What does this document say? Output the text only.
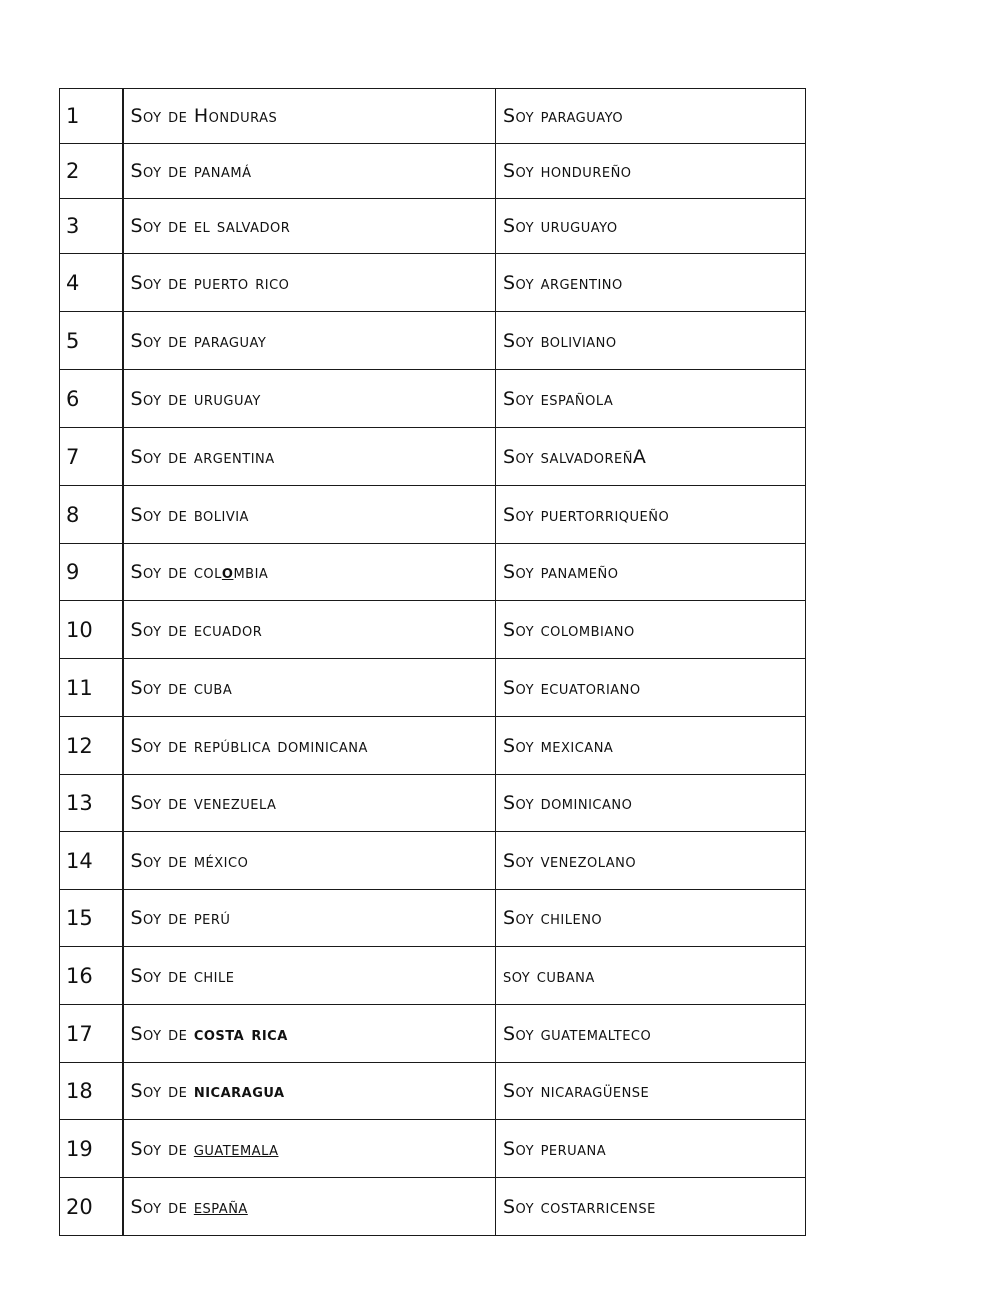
1	Soy de Honduras	Soy paraguayo
2	Soy de panamá	Soy hondureño
3	Soy de el salvador	Soy uruguayo
4	Soy de puerto rico	Soy argentino
5	Soy de paraguay	Soy boliviano
6	Soy de uruguay	Soy española
7	Soy de argentina	Soy salvadoreñA
8	Soy de bolivia	Soy puertorriqueño
9	Soy de colombia	Soy panameño
10	Soy de ecuador	Soy colombiano
11	Soy de cuba	Soy ecuatoriano
12	Soy de república dominicana	Soy mexicana
13	Soy de venezuela	Soy dominicano
14	Soy de méxico	Soy venezolano
15	Soy de perú	Soy chileno
16	Soy de chile	soy cubana
17	Soy de costa rica	Soy guatemalteco
18	Soy de nicaragua	Soy nicaragüense
19	Soy de guatemala	Soy peruana
20	Soy de españa	Soy costarricense
